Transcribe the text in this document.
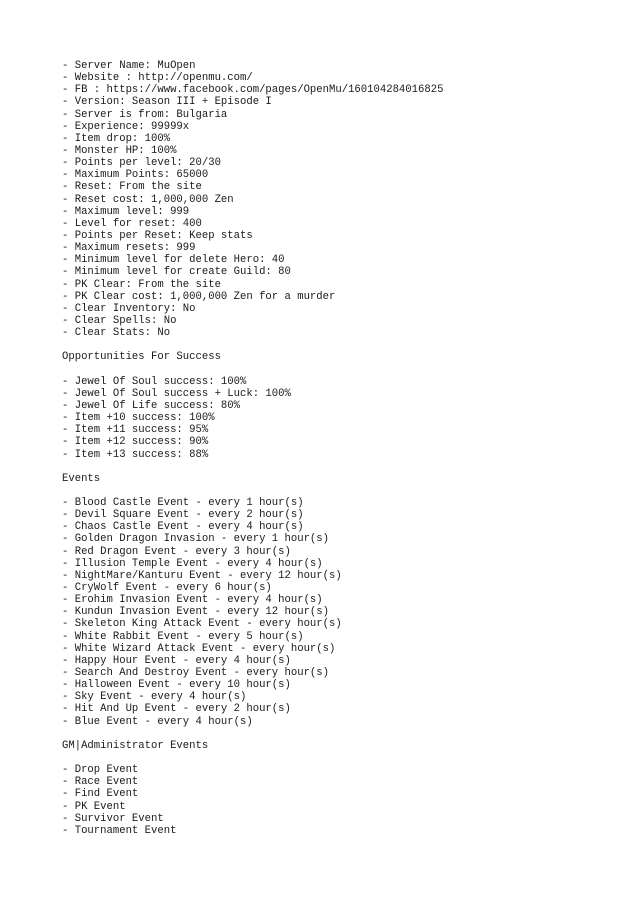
- Server Name: MuOpen
- Website : http://openmu.com/
- FB : https://www.facebook.com/pages/OpenMu/160104284016825
- Version: Season III + Episode I
- Server is from: Bulgaria
- Experience: 99999x
- Item drop: 100%
- Monster HP: 100%
- Points per level: 20/30
- Maximum Points: 65000
- Reset: From the site
- Reset cost: 1,000,000 Zen
- Maximum level: 999
- Level for reset: 400
- Points per Reset: Keep stats
- Maximum resets: 999
- Minimum level for delete Hero: 40
- Minimum level for create Guild: 80
- PK Clear: From the site
- PK Clear cost: 1,000,000 Zen for a murder
- Clear Inventory: No
- Clear Spells: No
- Clear Stats: No
Opportunities For Success
- Jewel Of Soul success: 100%
- Jewel Of Soul success + Luck: 100%
- Jewel Of Life success: 80%
- Item +10 success: 100%
- Item +11 success: 95%
- Item +12 success: 90%
- Item +13 success: 88%
Events
- Blood Castle Event - every 1 hour(s)
- Devil Square Event - every 2 hour(s)
- Chaos Castle Event - every 4 hour(s)
- Golden Dragon Invasion - every 1 hour(s)
- Red Dragon Event - every 3 hour(s)
- Illusion Temple Event - every 4 hour(s)
- NightMare/Kanturu Event - every 12 hour(s)
- CryWolf Event - every 6 hour(s)
- Erohim Invasion Event - every 4 hour(s)
- Kundun Invasion Event - every 12 hour(s)
- Skeleton King Attack Event - every hour(s)
- White Rabbit Event - every 5 hour(s)
- White Wizard Attack Event - every hour(s)
- Happy Hour Event - every 4 hour(s)
- Search And Destroy Event - every hour(s)
- Halloween Event - every 10 hour(s)
- Sky Event - every 4 hour(s)
- Hit And Up Event - every 2 hour(s)
- Blue Event - every 4 hour(s)
GM|Administrator Events
- Drop Event
- Race Event
- Find Event
- PK Event
- Survivor Event
- Tournament Event
